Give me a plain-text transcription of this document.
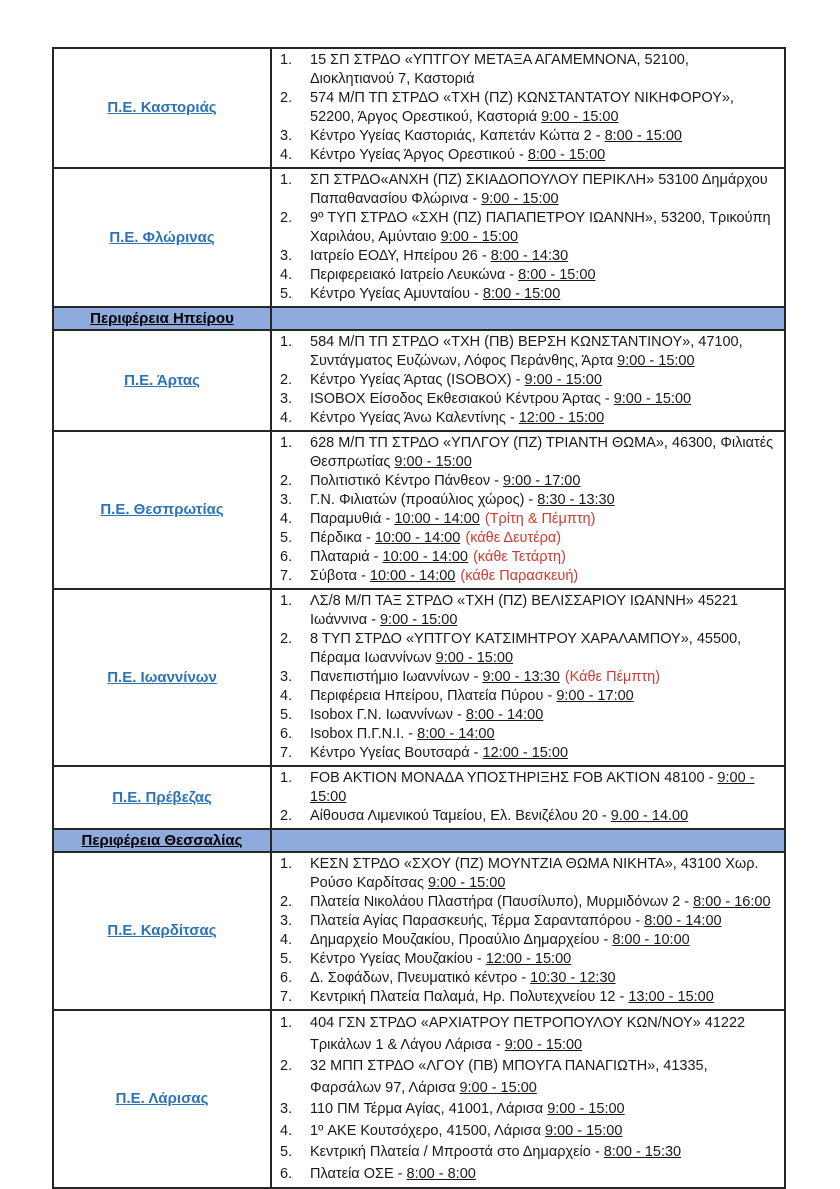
Π.Ε. Καστοριάς	
15 ΣΠ ΣΤΡΔΟ «ΥΠΤΓΟΥ ΜΕΤΑΞΑ ΑΓΑΜΕΜΝΟΝΑ, 52100, Διοκλητιανού 7, Καστοριά
574 Μ/Π ΤΠ ΣΤΡΔΟ «ΤΧΗ (ΠΖ) ΚΩΝΣΤΑΝΤΑΤΟΥ ΝΙΚΗΦΟΡΟΥ», 52200, Άργος Ορεστικού, Καστοριά 9:00 - 15:00
Κέντρο Υγείας Καστοριάς, Καπετάν Κώττα 2 - 8:00 - 15:00
Κέντρο Υγείας Άργος Ορεστικού - 8:00 - 15:00

Π.Ε. Φλώρινας	
ΣΠ ΣΤΡΔΟ«ΑΝΧΗ (ΠΖ) ΣΚΙΑΔΟΠΟΥΛΟΥ ΠΕΡΙΚΛΗ» 53100 Δημάρχου Παπαθανασίου Φλώρινα - 9:00 - 15:00
9º ΤΥΠ ΣΤΡΔΟ «ΣΧΗ (ΠΖ) ΠΑΠΑΠΕΤΡΟΥ ΙΩΑΝΝΗ», 53200, Τρικούπη Χαριλάου, Αμύνταιο 9:00 - 15:00
Ιατρείο ΕΟΔΥ, Ηπείρου 26 - 8:00 - 14:30
Περιφερειακό Ιατρείο Λευκώνα - 8:00 - 15:00
Κέντρο Υγείας Αμυνταίου - 8:00 - 15:00

Περιφέρεια Ηπείρου	

Π.Ε. Άρτας	
584 Μ/Π ΤΠ ΣΤΡΔΟ «ΤΧΗ (ΠΒ) ΒΕΡΣΗ ΚΩΝΣΤΑΝΤΙΝΟΥ», 47100, Συντάγματος Ευζώνων, Λόφος Περάνθης, Άρτα 9:00 - 15:00
Κέντρο Υγείας Άρτας (ISOBOX) - 9:00 - 15:00
ISOBOX Είσοδος Εκθεσιακού Κέντρου Άρτας - 9:00 - 15:00
Κέντρο Υγείας Άνω Καλεντίνης - 12:00 - 15:00

Π.Ε. Θεσπρωτίας	
628 Μ/Π ΤΠ ΣΤΡΔΟ «ΥΠΛΓΟΥ (ΠΖ) ΤΡΙΑΝΤΗ ΘΩΜΑ», 46300, Φιλιατές Θεσπρωτίας 9:00 - 15:00
Πολιτιστικό Κέντρο Πάνθεον - 9:00 - 17:00
Γ.Ν. Φιλιατών (προαύλιος χώρος) - 8:30 - 13:30
Παραμυθιά - 10:00 - 14:00 (Τρίτη & Πέμπτη)
Πέρδικα - 10:00 - 14:00 (κάθε Δευτέρα)
Πλαταριά - 10:00 - 14:00 (κάθε Τετάρτη)
Σύβοτα - 10:00 - 14:00 (κάθε Παρασκευή)

Π.Ε. Ιωαννίνων	
ΛΣ/8 Μ/Π ΤΑΞ ΣΤΡΔΟ «ΤΧΗ (ΠΖ) ΒΕΛΙΣΣΑΡΙΟΥ ΙΩΑΝΝΗ» 45221 Ιωάννινα - 9:00 - 15:00
8 ΤΥΠ ΣΤΡΔΟ «ΥΠΤΓΟΥ ΚΑΤΣΙΜΗΤΡΟΥ ΧΑΡΑΛΑΜΠΟΥ», 45500, Πέραμα Ιωαννίνων 9:00 - 15:00
Πανεπιστήμιο Ιωαννίνων - 9:00 - 13:30 (Κάθε Πέμπτη)
Περιφέρεια Ηπείρου, Πλατεία Πύρου - 9:00 - 17:00
Isobox Γ.Ν. Ιωαννίνων - 8:00 - 14:00
Isobox Π.Γ.Ν.Ι. - 8:00 - 14:00
Κέντρο Υγείας Βουτσαρά - 12:00 - 15:00

Π.Ε. Πρέβεζας	
FOB AKTION ΜΟΝΑΔΑ ΥΠΟΣΤΗΡΙΞΗΣ FOB AKTION 48100 - 9:00 - 15:00
Αίθουσα Λιμενικού Ταμείου, Ελ. Βενιζέλου 20 - 9.00 - 14.00

Περιφέρεια Θεσσαλίας	

Π.Ε. Καρδίτσας	
ΚΕΣΝ ΣΤΡΔΟ «ΣΧΟΥ (ΠΖ) ΜΟΥΝΤΖΙΑ ΘΩΜΑ ΝΙΚΗΤΑ», 43100 Χωρ. Ρούσο Καρδίτσας 9:00 - 15:00
Πλατεία Νικολάου Πλαστήρα (Παυσίλυπο), Μυρμιδόνων 2 - 8:00 - 16:00
Πλατεία Αγίας Παρασκευής, Τέρμα Σαρανταπόρου - 8:00 - 14:00
Δημαρχείο Μουζακίου, Προαύλιο Δημαρχείου - 8:00 - 10:00
Κέντρο Υγείας Μουζακίου - 12:00 - 15:00
Δ. Σοφάδων, Πνευματικό κέντρο - 10:30 - 12:30
Κεντρική Πλατεία Παλαμά, Ηρ. Πολυτεχνείου 12 - 13:00 - 15:00

Π.Ε. Λάρισας	
404 ΓΣΝ ΣΤΡΔΟ «ΑΡΧΙΑΤΡΟΥ ΠΕΤΡΟΠΟΥΛΟΥ ΚΩΝ/ΝΟΥ» 41222 Τρικάλων 1 & Λάγου Λάρισα - 9:00 - 15:00
32 ΜΠΠ ΣΤΡΔΟ «ΛΓΟΥ (ΠΒ) ΜΠΟΥΓΑ ΠΑΝΑΓΙΩΤΗ», 41335, Φαρσάλων 97, Λάρισα 9:00 - 15:00
110 ΠΜ Τέρμα Αγίας, 41001, Λάρισα 9:00 - 15:00
1º ΑΚΕ Κουτσόχερο, 41500, Λάρισα 9:00 - 15:00
Κεντρική Πλατεία / Μπροστά στο Δημαρχείο - 8:00 - 15:30
Πλατεία ΟΣΕ - 8:00 - 8:00
